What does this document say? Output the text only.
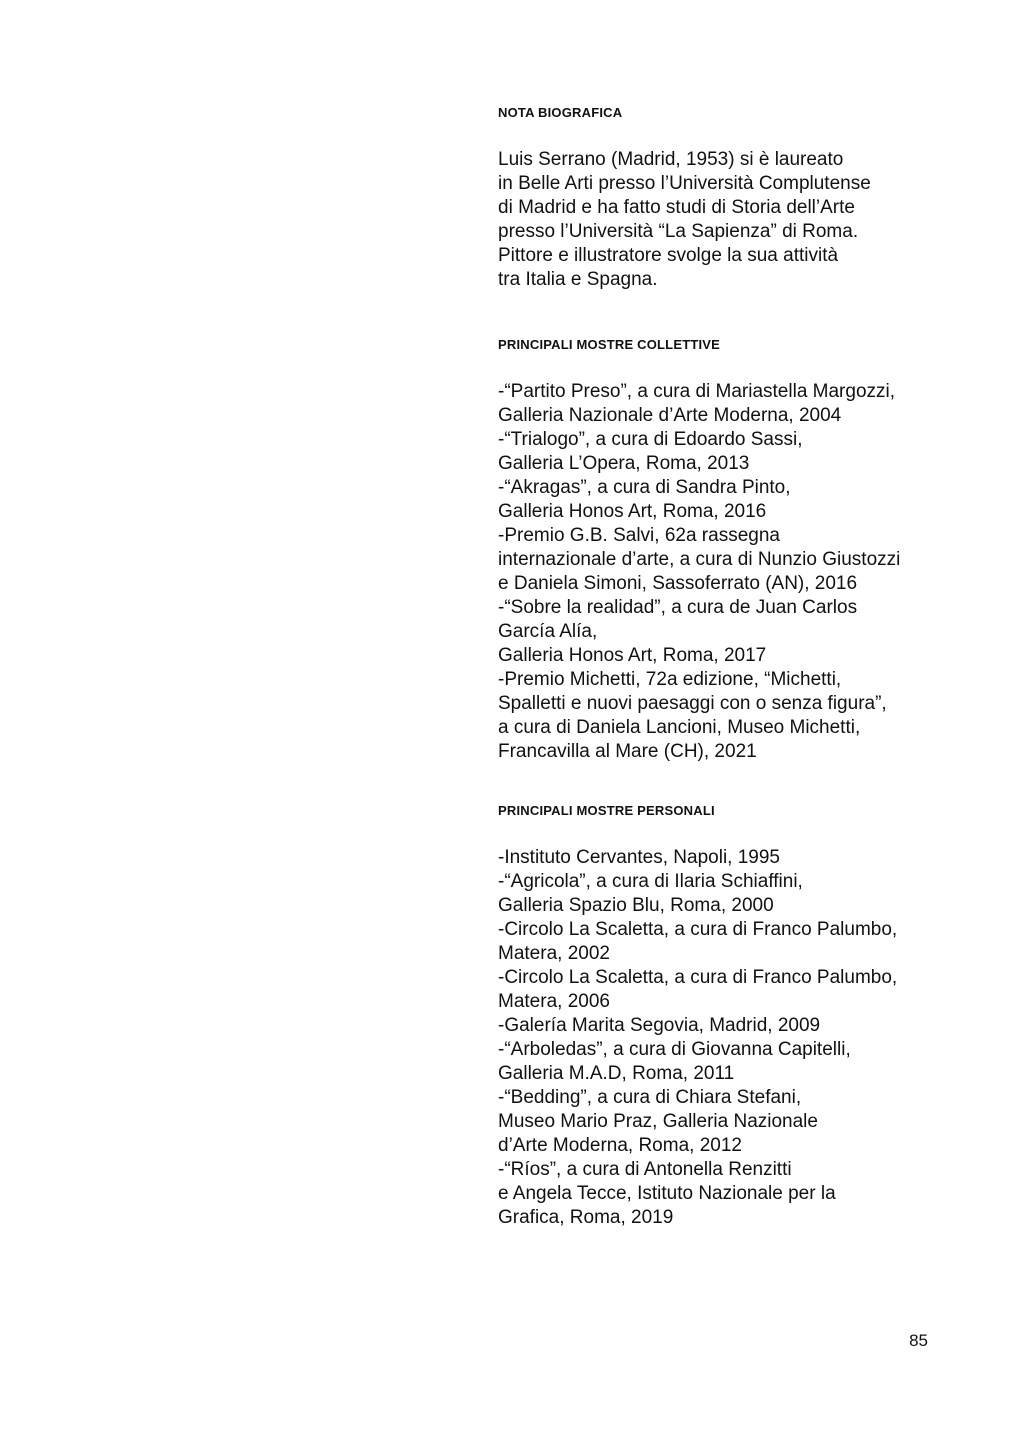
NOTA BIOGRAFICA

Luis Serrano (Madrid, 1953) si è laureato
in Belle Arti presso l’Università Complutense
di Madrid e ha fatto studi di Storia dell’Arte
presso l’Università “La Sapienza” di Roma.
Pittore e illustratore svolge la sua attività
tra Italia e Spagna.

PRINCIPALI MOSTRE COLLETTIVE

-“Partito Preso”, a cura di Mariastella Margozzi,
Galleria Nazionale d’Arte Moderna, 2004
-“Trialogo”, a cura di Edoardo Sassi,
Galleria L’Opera, Roma, 2013
-“Akragas”, a cura di Sandra Pinto,
Galleria Honos Art, Roma, 2016
-Premio G.B. Salvi, 62a rassegna
internazionale d’arte, a cura di Nunzio Giustozzi
e Daniela Simoni, Sassoferrato (AN), 2016
-“Sobre la realidad”, a cura de Juan Carlos
García Alía,
Galleria Honos Art, Roma, 2017
-Premio Michetti, 72a edizione, “Michetti,
Spalletti e nuovi paesaggi con o senza figura”,
a cura di Daniela Lancioni, Museo Michetti,
Francavilla al Mare (CH), 2021

PRINCIPALI MOSTRE PERSONALI

-Instituto Cervantes, Napoli, 1995
-“Agricola”, a cura di Ilaria Schiaffini,
Galleria Spazio Blu, Roma, 2000
-Circolo La Scaletta, a cura di Franco Palumbo,
Matera, 2002
-Circolo La Scaletta, a cura di Franco Palumbo,
Matera, 2006
-Galería Marita Segovia, Madrid, 2009
-“Arboledas”, a cura di Giovanna Capitelli,
Galleria M.A.D, Roma, 2011
-“Bedding”, a cura di Chiara Stefani,
Museo Mario Praz, Galleria Nazionale
d’Arte Moderna, Roma, 2012
-“Ríos”, a cura di Antonella Renzitti
e Angela Tecce, Istituto Nazionale per la
Grafica, Roma, 2019

85
